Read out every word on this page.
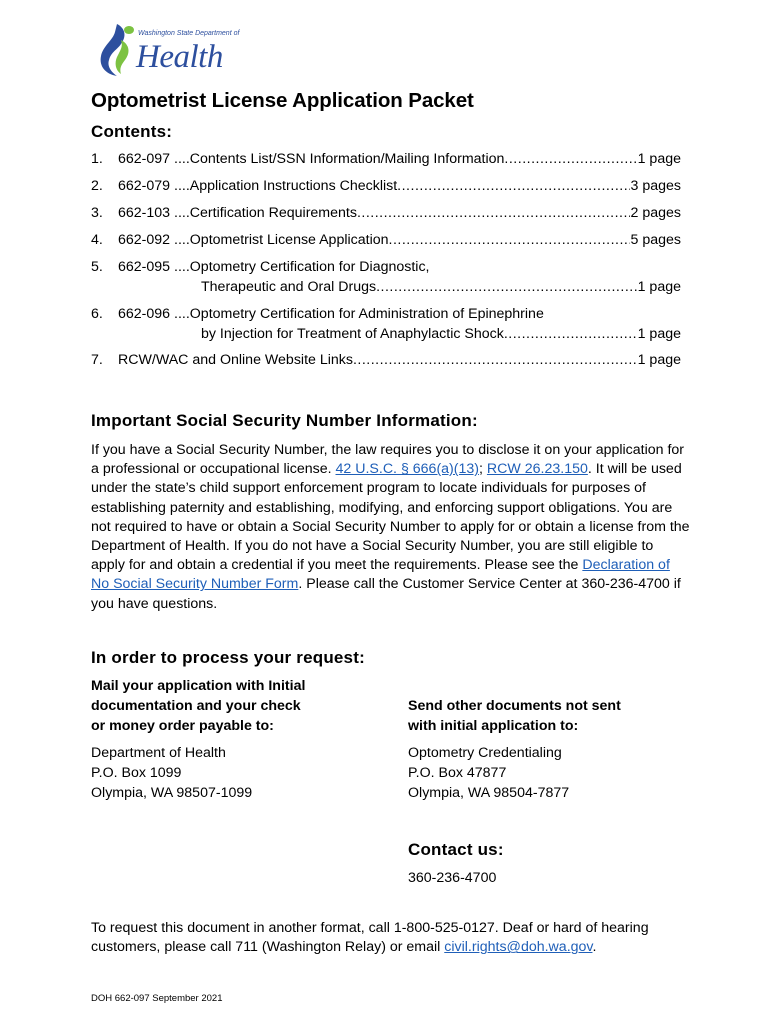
Washington State Department of
Health
Optometrist License Application Packet
Contents:
1. 662-097 ....Contents List/SSN Information/Mailing Information .....	1 page
2. 662-079 ....Application Instructions Checklist .....	3 pages
3. 662-103 ....Certification Requirements .....	2 pages
4. 662-092 ....Optometrist License Application .....	5 pages
5. 662-095 ....Optometry Certification for Diagnostic,
Therapeutic and Oral Drugs .....	1 page
6. 662-096 ....Optometry Certification for Administration of Epinephrine
by Injection for Treatment of Anaphylactic Shock .....	1 page
7. RCW/WAC and Online Website Links .....	1 page
Important Social Security Number Information:

If you have a Social Security Number, the law requires you to disclose it on your application for a professional or occupational license. 42 U.S.C. § 666(a)(13); RCW 26.23.150. It will be used under the state’s child support enforcement program to locate individuals for purposes of establishing paternity and establishing, modifying, and enforcing support obligations. You are not required to have or obtain a Social Security Number to apply for or obtain a license from the Department of Health. If you do not have a Social Security Number, you are still eligible to apply for and obtain a credential if you meet the requirements. Please see the Declaration of No Social Security Number Form. Please call the Customer Service Center at 360-236-4700 if you have questions.

In order to process your request:
Mail your application with Initial
documentation and your check
or money order payable to:
Department of Health
P.O. Box 1099
Olympia, WA 98507-1099
Send other documents not sent
with initial application to:
Optometry Credentialing
P.O. Box 47877
Olympia, WA 98504-7877
Contact us:
360-236-4700

To request this document in another format, call 1-800-525-0127. Deaf or hard of hearing customers, please call 711 (Washington Relay) or email civil.rights@doh.wa.gov.

DOH 662-097 September 2021
